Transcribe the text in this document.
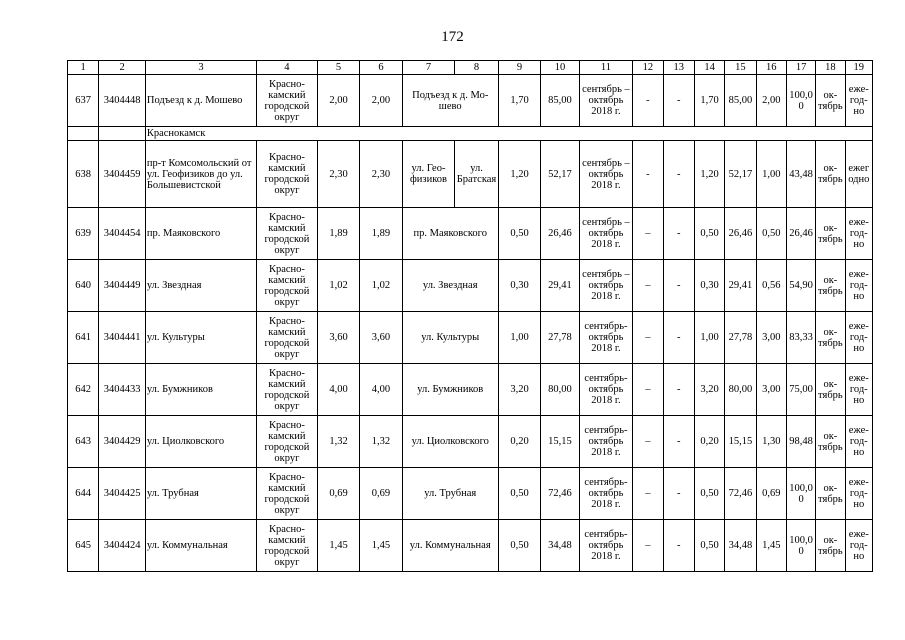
172
1	2	3	4	5	6	7	8	9	10	11	12	13	14	15	16	17	18	19
637	3404448	Подъезд к д. Мошево	Красно-камский городской округ	2,00	2,00	Подъезд к д. Мо-шево		1,70	85,00	сентябрь – октябрь 2018 г.	-	-	1,70	85,00	2,00	100,00	ок-тябрь	еже-год-но
		Краснокамск																
638	3404459	пр-т Комсомольский от ул. Геофизиков до ул. Большевистской	Красно-камский городской округ	2,30	2,30	ул. Гео-физиков	ул. Братская	1,20	52,17	сентябрь – октябрь 2018 г.	-	-	1,20	52,17	1,00	43,48	ок-тябрь	ежег одно
639	3404454	пр. Маяковского	Красно-камский городской округ	1,89	1,89	пр. Маяковского		0,50	26,46	сентябрь – октябрь 2018 г.	–	-	0,50	26,46	0,50	26,46	ок-тябрь	еже-год-но
640	3404449	ул. Звездная	Красно-камский городской округ	1,02	1,02	ул. Звездная		0,30	29,41	сентябрь – октябрь 2018 г.	–	-	0,30	29,41	0,56	54,90	ок-тябрь	еже-год-но
641	3404441	ул. Культуры	Красно-камский городской округ	3,60	3,60	ул. Культуры		1,00	27,78	сентябрь-октябрь 2018 г.	–	-	1,00	27,78	3,00	83,33	ок-тябрь	еже-год-но
642	3404433	ул. Бумжников	Красно-камский городской округ	4,00	4,00	ул. Бумжников		3,20	80,00	сентябрь-октябрь 2018 г.	–	-	3,20	80,00	3,00	75,00	ок-тябрь	еже-год-но
643	3404429	ул. Циолковского	Красно-камский городской округ	1,32	1,32	ул. Циолковского		0,20	15,15	сентябрь-октябрь 2018 г.	–	-	0,20	15,15	1,30	98,48	ок-тябрь	еже-год-но
644	3404425	ул. Трубная	Красно-камский городской округ	0,69	0,69	ул. Трубная		0,50	72,46	сентябрь-октябрь 2018 г.	–	-	0,50	72,46	0,69	100,00	ок-тябрь	еже-год-но
645	3404424	ул. Коммунальная	Красно-камский городской округ	1,45	1,45	ул. Коммунальная		0,50	34,48	сентябрь-октябрь 2018 г.	–	-	0,50	34,48	1,45	100,00	ок-тябрь	еже-год-но
